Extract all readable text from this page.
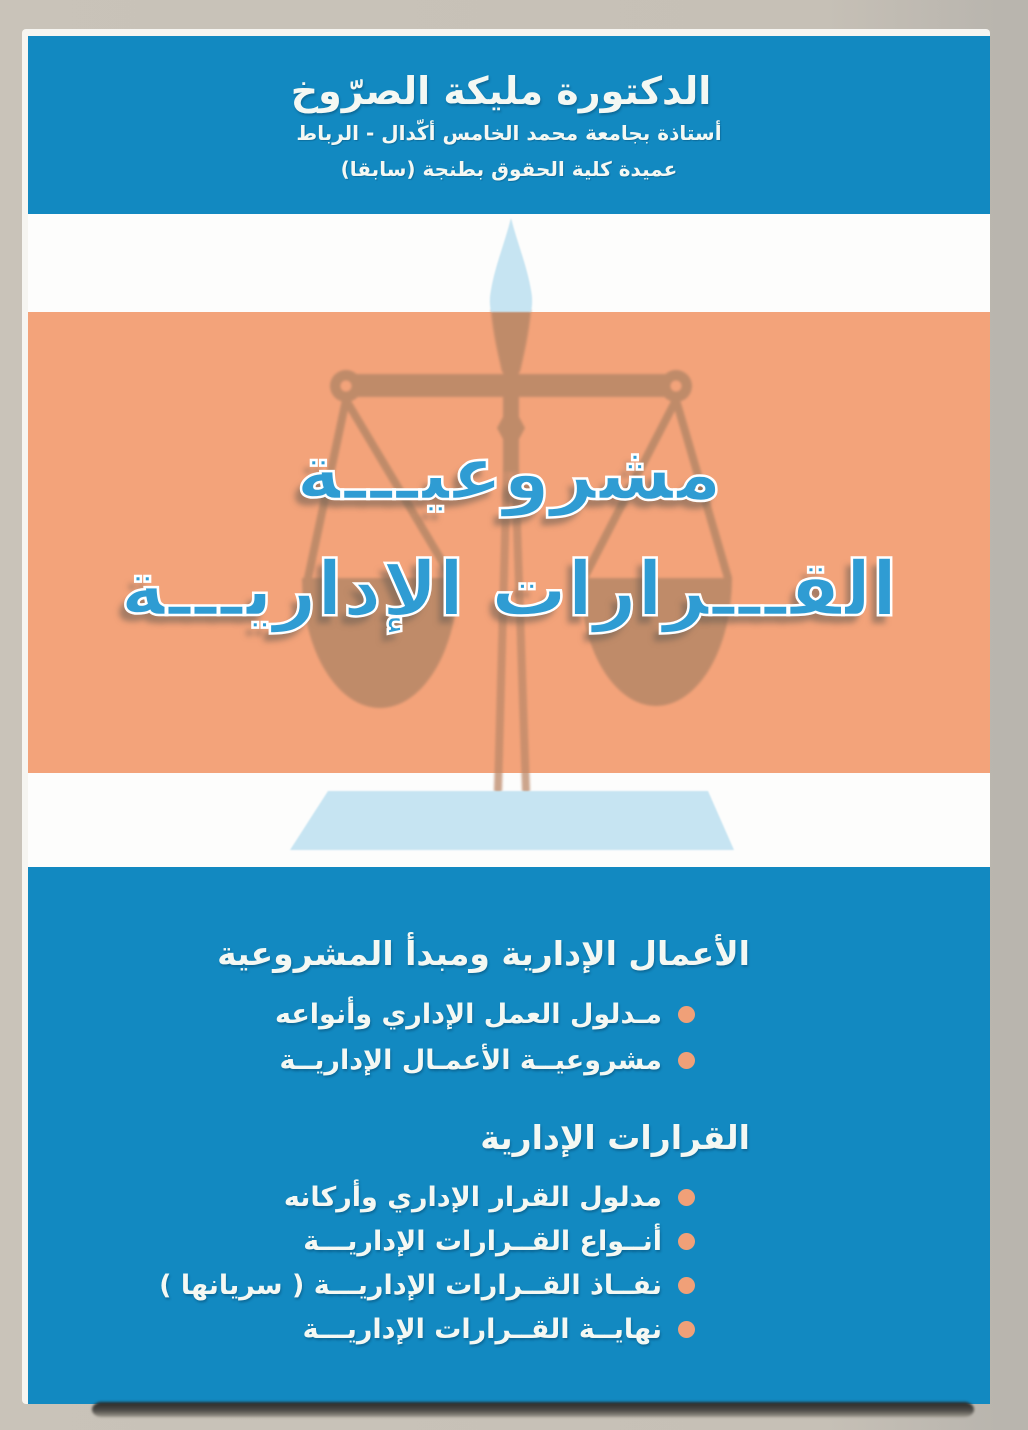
الدكتورة مليكة الصرّوخ
أستاذة بجامعة محمد الخامس أكّدال - الرباط
عميدة كلية الحقوق بطنجة (سابقا)
مشروعيـــة
القـــرارات الإداريـــة
الأعمال الإدارية ومبدأ المشروعية
مـدلول العمل الإداري وأنواعه
مشروعيــة الأعمـال الإداريــة
القرارات الإدارية
مدلول القرار الإداري وأركانه
أنــواع القــرارات الإداريـــة
نفــاذ القــرارات الإداريـــة ( سريانها )
نهايــة القــرارات الإداريـــة
